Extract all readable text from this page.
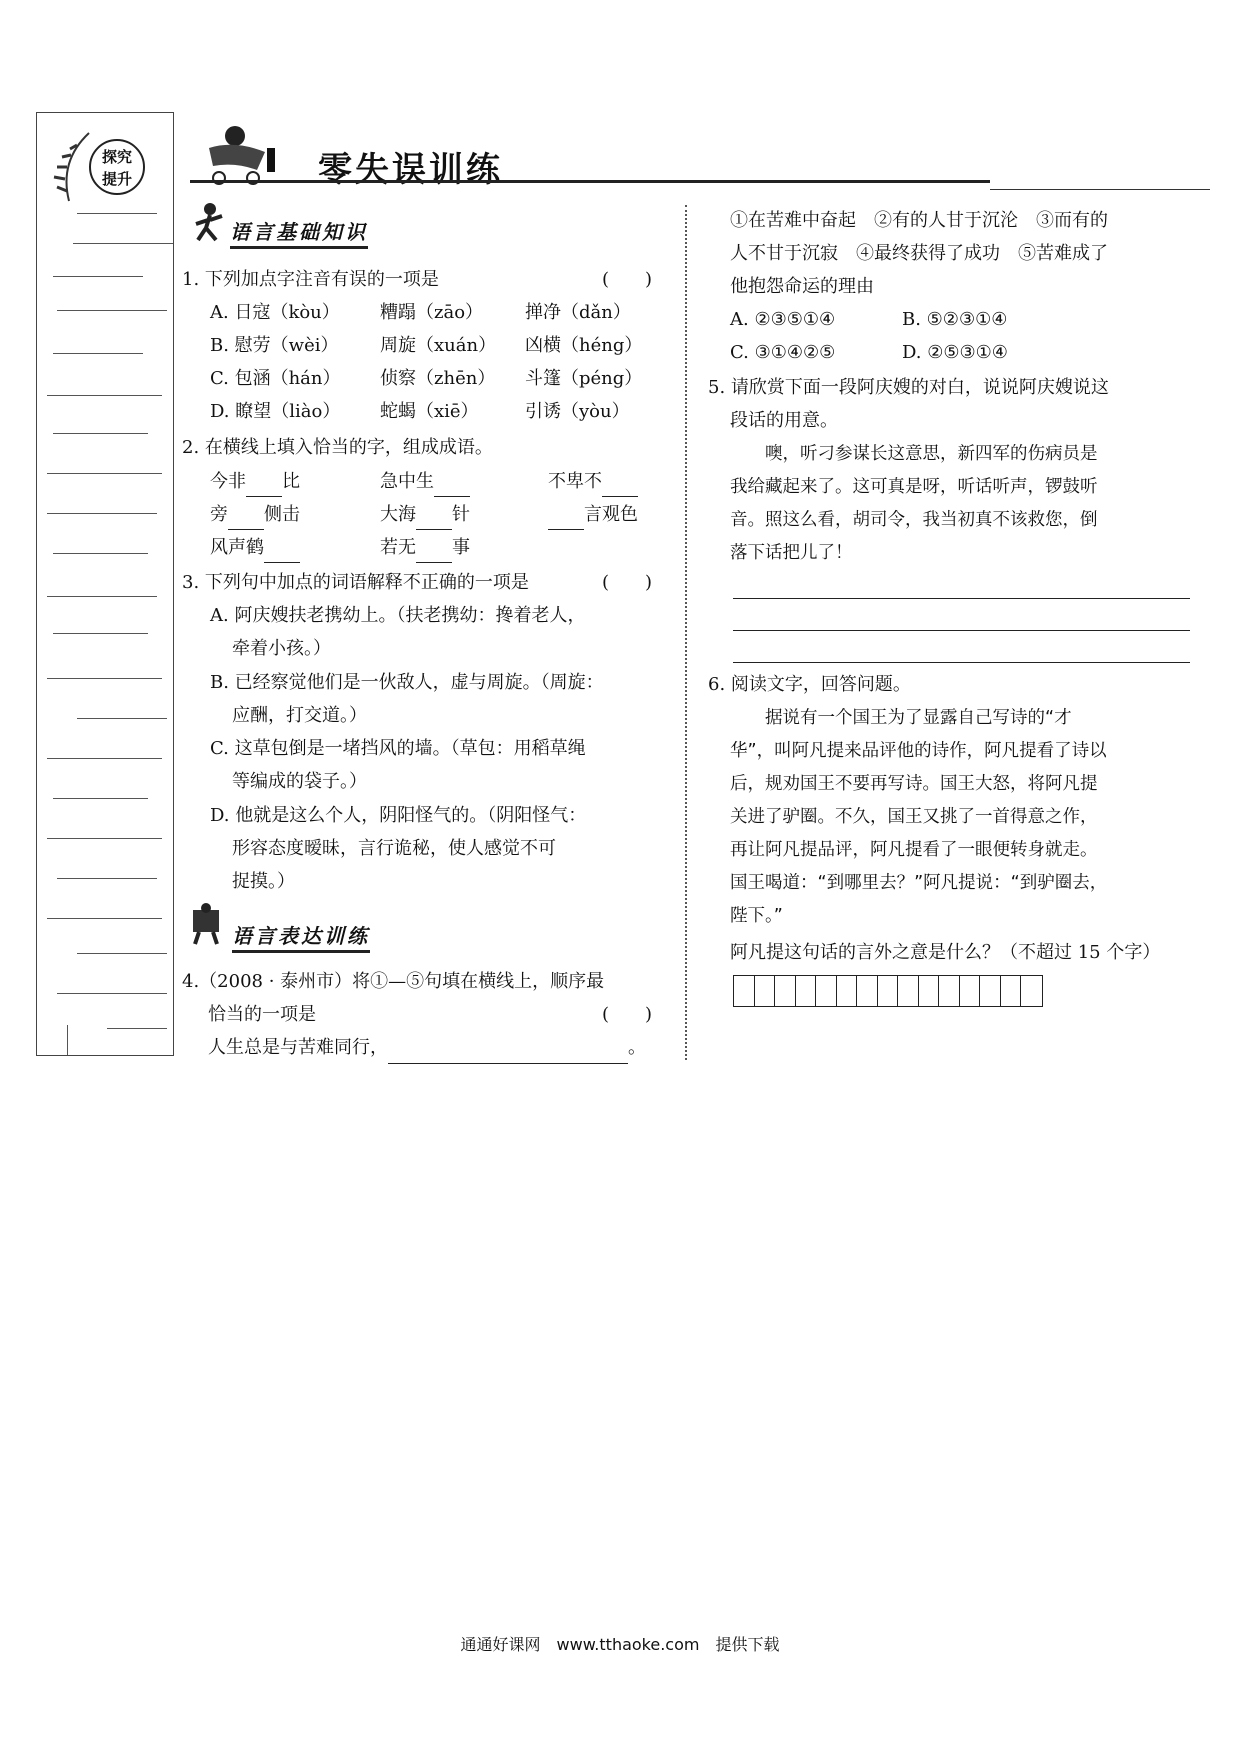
探究
提升	零失误训练
语言基础知识
1. 下列加点字注音有误的一项是	(　　)
A. 日寇（kòu） 糟蹋（zāo） 掸净（dǎn）
B. 慰劳（wèi） 周旋（xuán） 凶横（héng）
C. 包涵（hán） 侦察（zhēn） 斗篷（péng）
D. 瞭望（liào） 蛇蝎（xiē）	引诱（yòu）
2. 在横线上填入恰当的字，组成成语。
今非 比	急中生	不卑不
旁 侧击	大海 针	言观色
风声鹤	若无 事
3. 下列句中加点的词语解释不正确的一项是	(　　)
A. 阿庆嫂扶老携幼上。（扶老携幼：搀着老人，
牵着小孩。）
B. 已经察觉他们是一伙敌人，虚与周旋。（周旋：
应酬，打交道。）
C. 这草包倒是一堵挡风的墙。（草包：用稻草绳
等编成的袋子。）
D. 他就是这么个人，阴阳怪气的。（阴阳怪气：
形容态度暧昧，言行诡秘，使人感觉不可
捉摸。）
语言表达训练
4.（2008 · 泰州市）将①—⑤句填在横线上，顺序最
恰当的一项是	(　　)
人生总是与苦难同行，	。
①在苦难中奋起　②有的人甘于沉沦　③而有的
人不甘于沉寂　④最终获得了成功　⑤苦难成了
他抱怨命运的理由
A. ②③⑤①④	B. ⑤②③①④
C. ③①④②⑤	D. ②⑤③①④
5. 请欣赏下面一段阿庆嫂的对白，说说阿庆嫂说这
段话的用意。
噢，听刁参谋长这意思，新四军的伤病员是
我给藏起来了。这可真是呀，听话听声，锣鼓听
音。照这么看，胡司令，我当初真不该救您，倒
落下话把儿了！
6. 阅读文字，回答问题。
据说有一个国王为了显露自己写诗的“才
华”，叫阿凡提来品评他的诗作，阿凡提看了诗以
后，规劝国王不要再写诗。国王大怒，将阿凡提
关进了驴圈。不久，国王又挑了一首得意之作，
再让阿凡提品评，阿凡提看了一眼便转身就走。
国王喝道：“到哪里去？”阿凡提说：“到驴圈去，
陛下。”
阿凡提这句话的言外之意是什么？（不超过 15 个字）
通通好课网　www.tthaoke.com　提供下载
